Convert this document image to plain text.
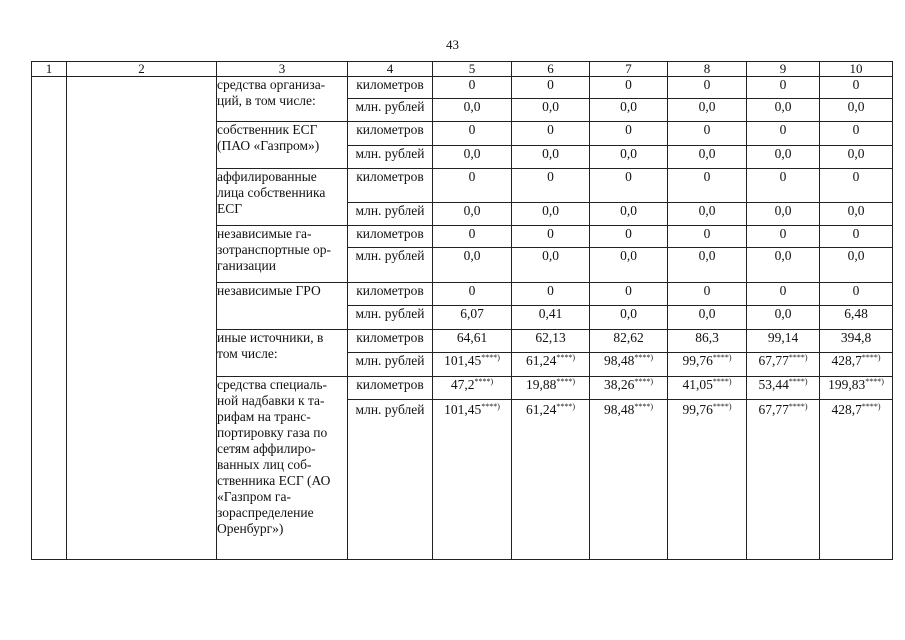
43
1	2	3	4	5	6	7	8	9	10
		средства организа-ций, в том числе:	километров	0	0	0	0	0	0
			млн. рублей	0,0	0,0	0,0	0,0	0,0	0,0
		собственник ЕСГ (ПАО «Газпром»)	километров	0	0	0	0	0	0
			млн. рублей	0,0	0,0	0,0	0,0	0,0	0,0
		аффилированные лица собственника ЕСГ	километров	0	0	0	0	0	0
			млн. рублей	0,0	0,0	0,0	0,0	0,0	0,0
		независимые га-зотранспортные ор-ганизации	километров	0	0	0	0	0	0
			млн. рублей	0,0	0,0	0,0	0,0	0,0	0,0
		независимые ГРО	километров	0	0	0	0	0	0
			млн. рублей	6,07	0,41	0,0	0,0	0,0	6,48
		иные источники, в том числе:	километров	64,61	62,13	82,62	86,3	99,14	394,8
			млн. рублей	101,45****)	61,24****)	98,48****)	99,76****)	67,77****)	428,7****)
		средства специаль-ной надбавки к та-рифам на транс-портировку газа по сетям аффилиро-ванных лиц соб-ственника ЕСГ (АО «Газпром га-зораспределение Оренбург»)	километров	47,2****)	19,88****)	38,26****)	41,05****)	53,44****)	199,83****)
			млн. рублей	101,45****)	61,24****)	98,48****)	99,76****)	67,77****)	428,7****)
